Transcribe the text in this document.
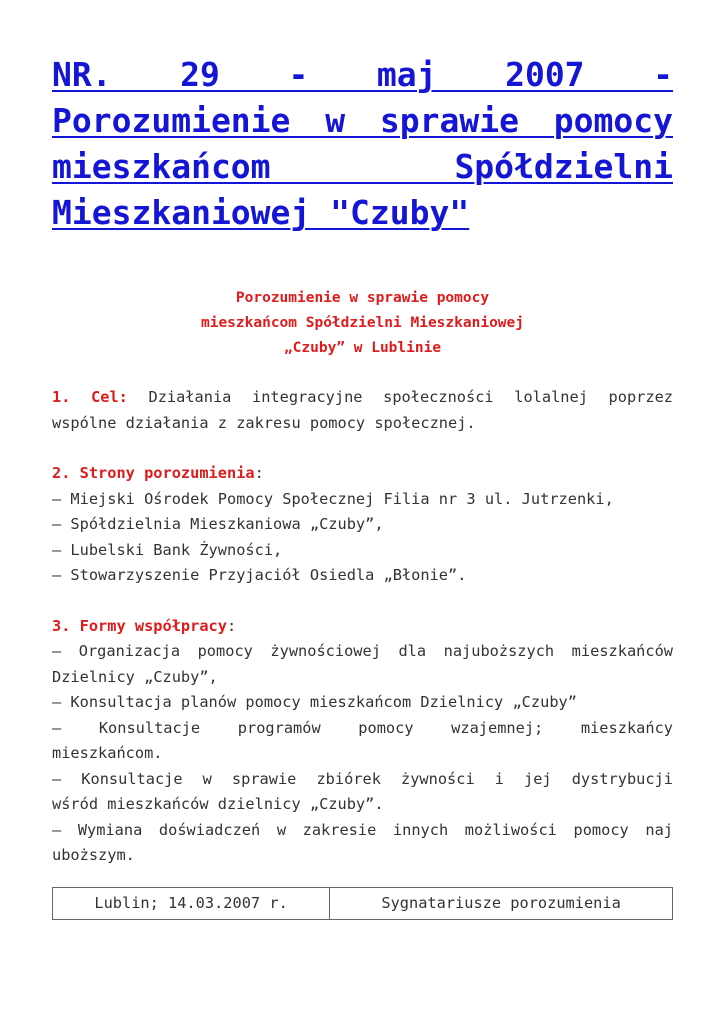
NR. 29 - maj 2007 - Porozumienie w sprawie pomocy mieszkańcom Spółdzielni Mieszkaniowej "Czuby"
Porozumienie w sprawie pomocy
mieszkańcom Spółdzielni Mieszkaniowej
„Czuby” w Lublinie

1. Cel: Działania integracyjne społeczności lolalnej poprzez wspólne działania z zakresu pomocy społecznej.

2. Strony porozumienia:
– Miejski Ośrodek Pomocy Społecznej Filia nr 3 ul. Jutrzenki,
– Spółdzielnia Mieszkaniowa „Czuby”,
– Lubelski Bank Żywności,
– Stowarzyszenie Przyjaciół Osiedla „Błonie”.

3. Formy współpracy:
– Organizacja pomocy żywnościowej dla najuboższych mieszkańców
Dzielnicy „Czuby”,
– Konsultacja planów pomocy mieszkańcom Dzielnicy „Czuby”
– Konsultacje programów pomocy wzajemnej; mieszkańcy
mieszkańcom.
– Konsultacje w sprawie zbiórek żywności i jej dystrybucji
wśród mieszkańców dzielnicy „Czuby”.
– Wymiana doświadczeń w zakresie innych możliwości pomocy naj
uboższym.

Lublin; 14.03.2007 r.	Sygnatariusze porozumienia
